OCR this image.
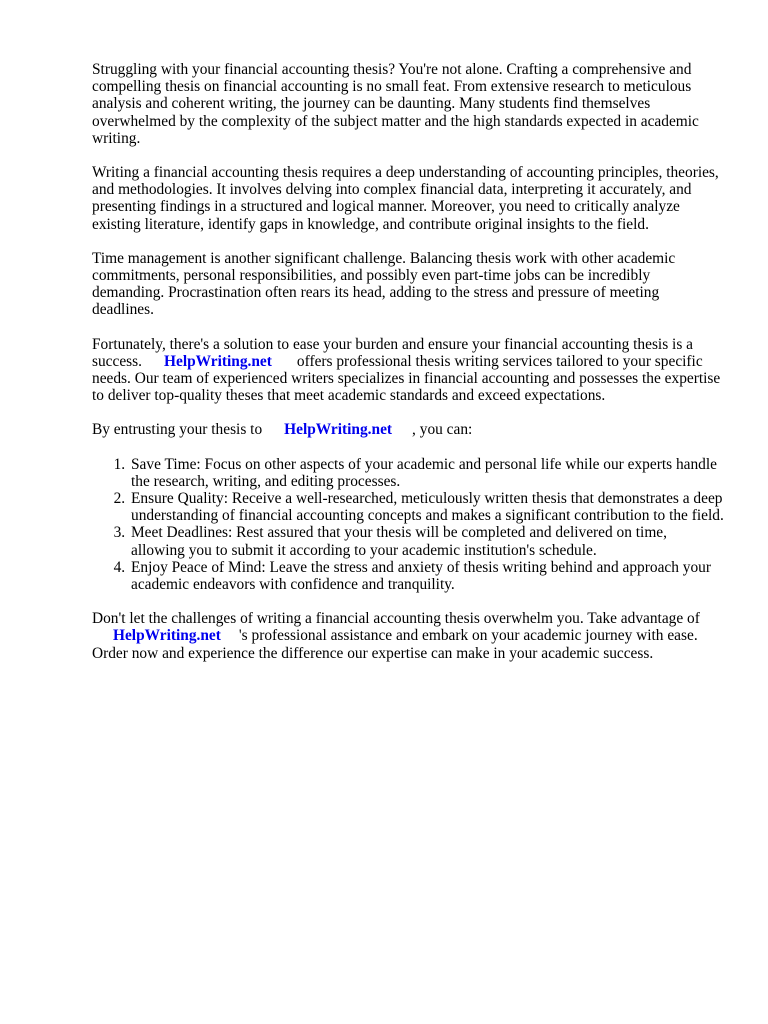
Struggling with your financial accounting thesis? You're not alone. Crafting a comprehensive and compelling thesis on financial accounting is no small feat. From extensive research to meticulous analysis and coherent writing, the journey can be daunting. Many students find themselves overwhelmed by the complexity of the subject matter and the high standards expected in academic writing.

Writing a financial accounting thesis requires a deep understanding of accounting principles, theories, and methodologies. It involves delving into complex financial data, interpreting it accurately, and presenting findings in a structured and logical manner. Moreover, you need to critically analyze existing literature, identify gaps in knowledge, and contribute original insights to the field.

Time management is another significant challenge. Balancing thesis work with other academic commitments, personal responsibilities, and possibly even part-time jobs can be incredibly demanding. Procrastination often rears its head, adding to the stress and pressure of meeting deadlines.

Fortunately, there's a solution to ease your burden and ensure your financial accounting thesis is a success. HelpWriting.net offers professional thesis writing services tailored to your specific needs. Our team of experienced writers specializes in financial accounting and possesses the expertise to deliver top-quality theses that meet academic standards and exceed expectations.

By entrusting your thesis to HelpWriting.net , you can:

1. Save Time: Focus on other aspects of your academic and personal life while our experts handle the research, writing, and editing processes.
2. Ensure Quality: Receive a well-researched, meticulously written thesis that demonstrates a deep understanding of financial accounting concepts and makes a significant contribution to the field.
3. Meet Deadlines: Rest assured that your thesis will be completed and delivered on time, allowing you to submit it according to your academic institution's schedule.
4. Enjoy Peace of Mind: Leave the stress and anxiety of thesis writing behind and approach your academic endeavors with confidence and tranquility.

Don't let the challenges of writing a financial accounting thesis overwhelm you. Take advantage of
HelpWriting.net 's professional assistance and embark on your academic journey with ease. Order now and experience the difference our expertise can make in your academic success.
